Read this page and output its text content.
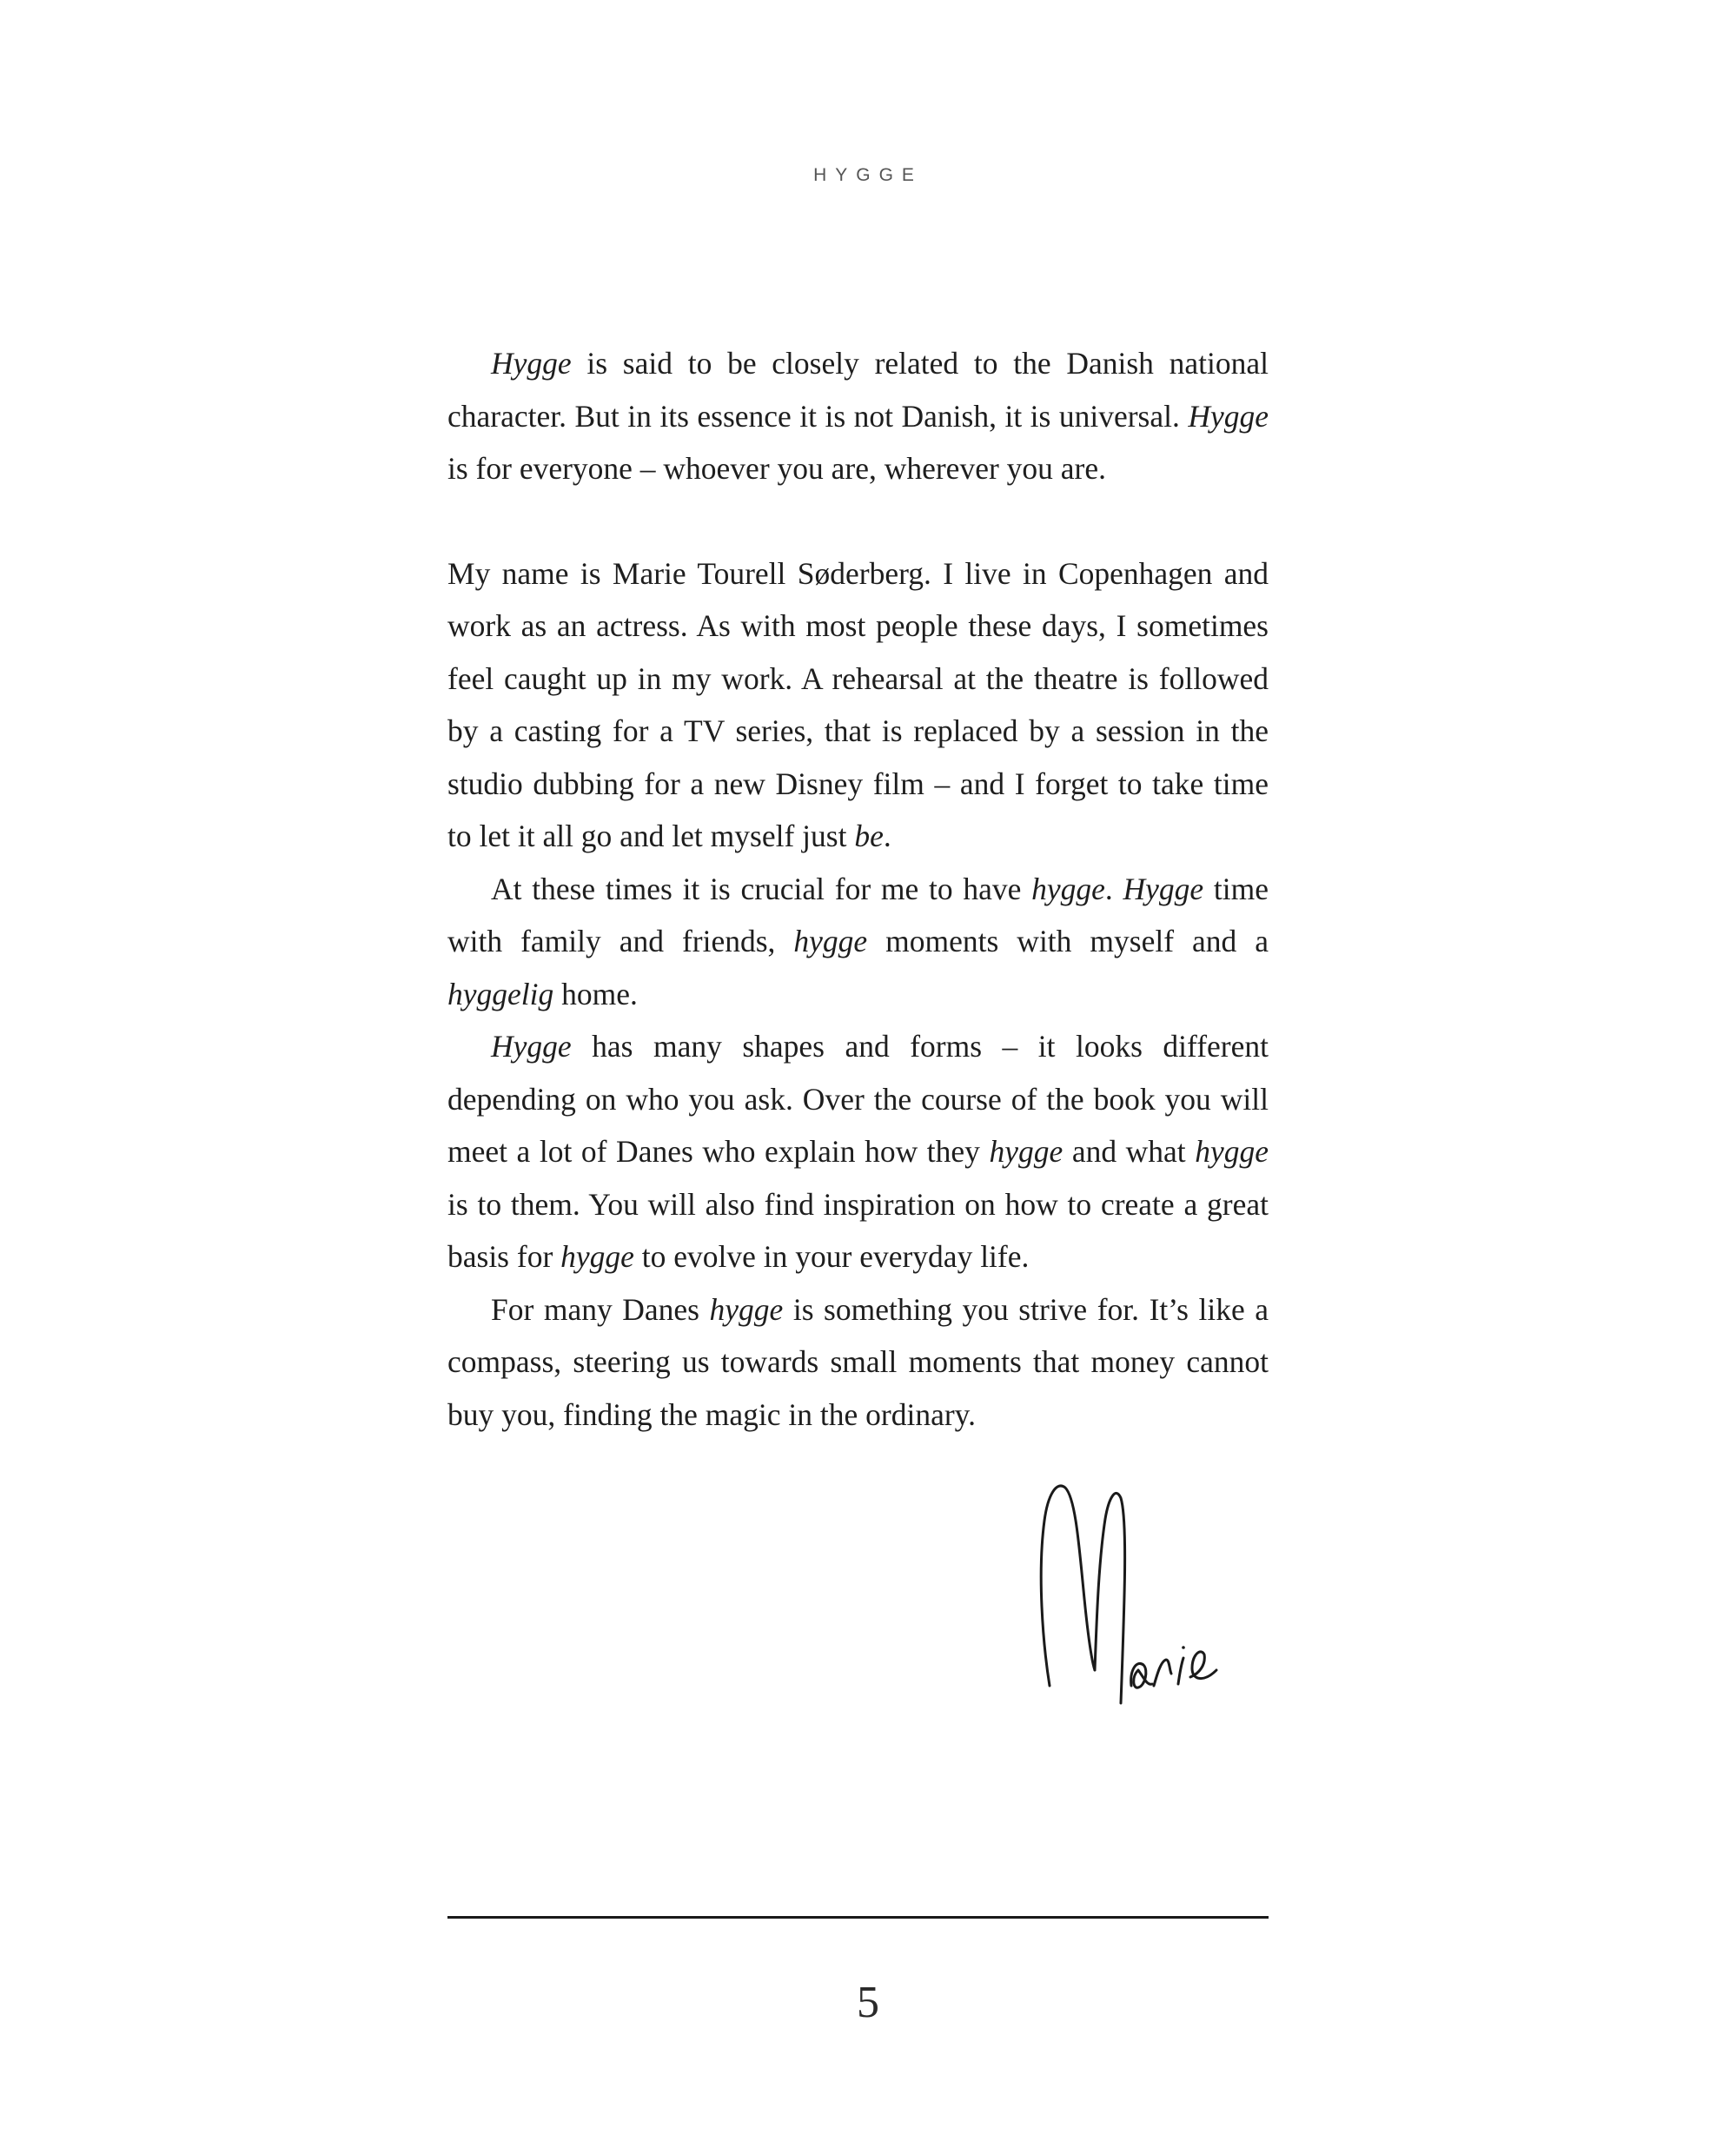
HYGGE

Hygge is said to be closely related to the Danish national character. But in its essence it is not Danish, it is universal. Hygge is for everyone – whoever you are, wherever you are.

My name is Marie Tourell Søderberg. I live in Copenhagen and work as an actress. As with most people these days, I sometimes feel caught up in my work. A rehearsal at the theatre is followed by a casting for a TV series, that is replaced by a session in the studio dubbing for a new Disney film – and I forget to take time to let it all go and let myself just be.

At these times it is crucial for me to have hygge. Hygge time with family and friends, hygge moments with myself and a hyggelig home.

Hygge has many shapes and forms – it looks different depending on who you ask. Over the course of the book you will meet a lot of Danes who explain how they hygge and what hygge is to them. You will also find inspiration on how to create a great basis for hygge to evolve in your everyday life.

For many Danes hygge is something you strive for. It’s like a compass, steering us towards small moments that money cannot buy you, finding the magic in the ordinary.

5
